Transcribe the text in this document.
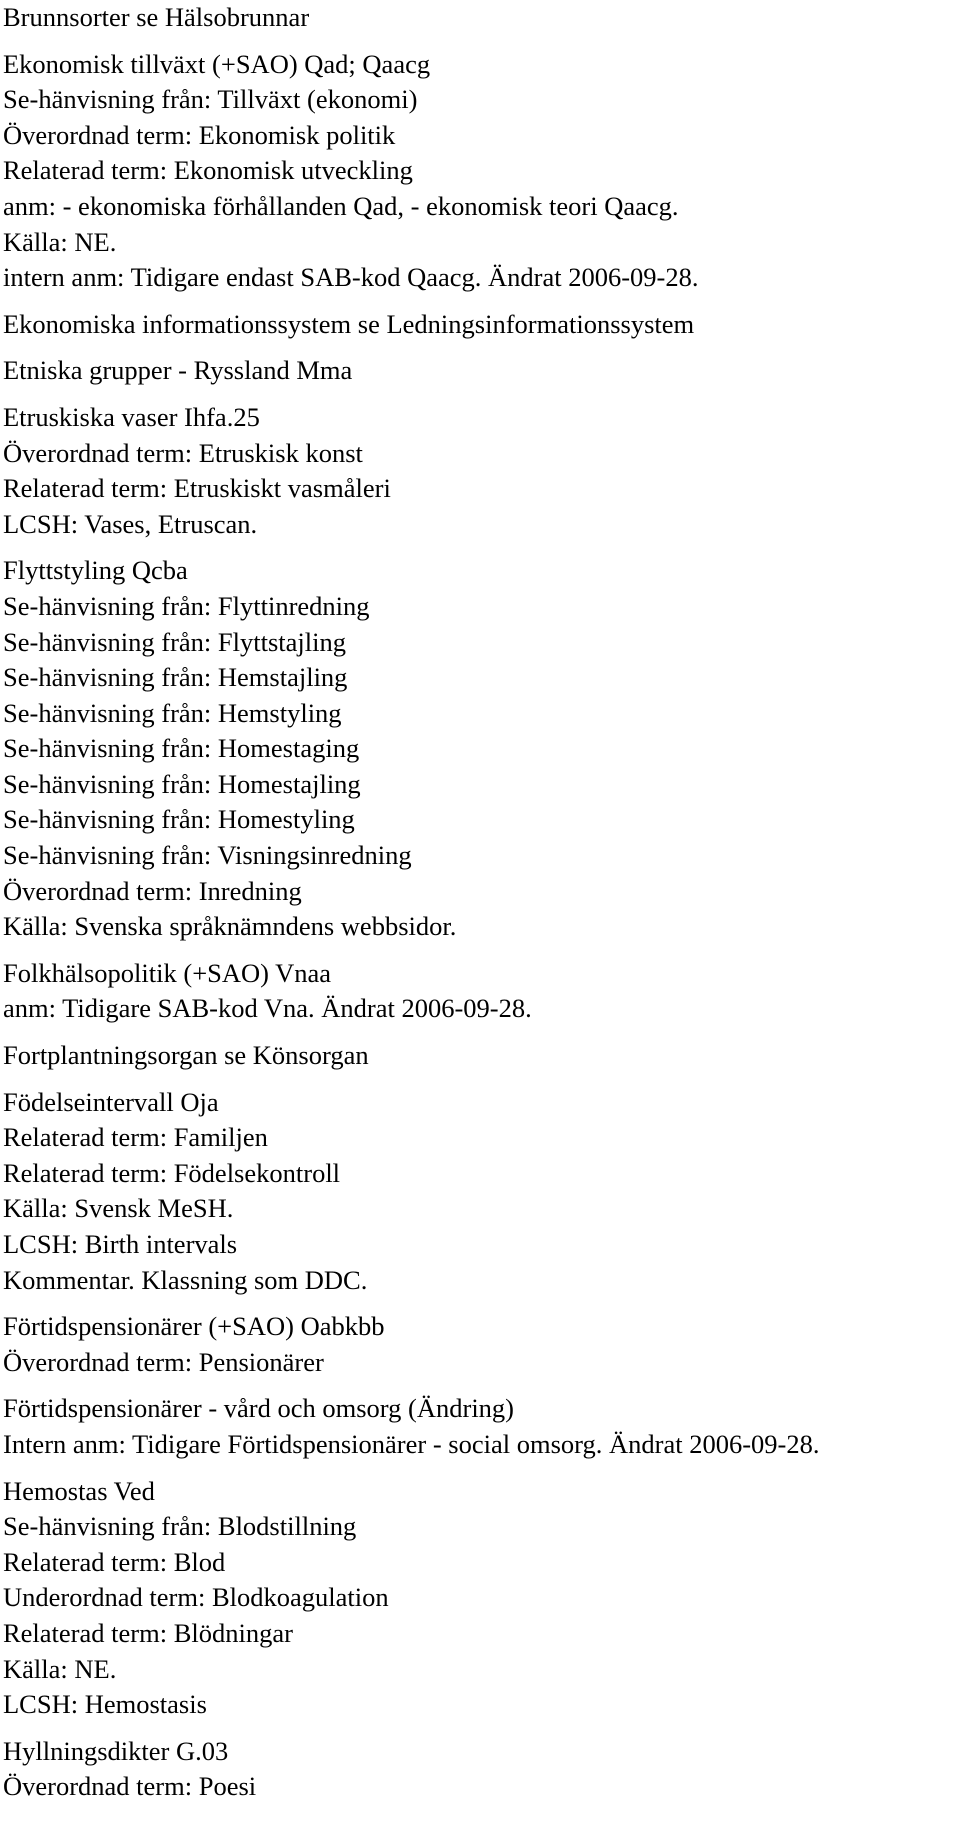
Brunnsorter se Hälsobrunnar
Ekonomisk tillväxt (+SAO) Qad; Qaacg
Se-hänvisning från: Tillväxt (ekonomi)
Överordnad term: Ekonomisk politik
Relaterad term: Ekonomisk utveckling
anm: - ekonomiska förhållanden Qad, - ekonomisk teori Qaacg.
Källa: NE.
intern anm: Tidigare endast SAB-kod Qaacg. Ändrat 2006-09-28.
Ekonomiska informationssystem se Ledningsinformationssystem
Etniska grupper - Ryssland Mma
Etruskiska vaser Ihfa.25
Överordnad term: Etruskisk konst
Relaterad term: Etruskiskt vasmåleri
LCSH: Vases, Etruscan.
Flyttstyling Qcba
Se-hänvisning från: Flyttinredning
Se-hänvisning från: Flyttstajling
Se-hänvisning från: Hemstajling
Se-hänvisning från: Hemstyling
Se-hänvisning från: Homestaging
Se-hänvisning från: Homestajling
Se-hänvisning från: Homestyling
Se-hänvisning från: Visningsinredning
Överordnad term: Inredning
Källa: Svenska språknämndens webbsidor.
Folkhälsopolitik (+SAO) Vnaa
anm: Tidigare SAB-kod Vna. Ändrat 2006-09-28.
Fortplantningsorgan se Könsorgan
Födelseintervall Oja
Relaterad term: Familjen
Relaterad term: Födelsekontroll
Källa: Svensk MeSH.
LCSH: Birth intervals
Kommentar. Klassning som DDC.
Förtidspensionärer (+SAO) Oabkbb
Överordnad term: Pensionärer
Förtidspensionärer - vård och omsorg (Ändring)
Intern anm: Tidigare Förtidspensionärer - social omsorg. Ändrat 2006-09-28.
Hemostas Ved
Se-hänvisning från: Blodstillning
Relaterad term: Blod
Underordnad term: Blodkoagulation
Relaterad term: Blödningar
Källa: NE.
LCSH: Hemostasis
Hyllningsdikter G.03
Överordnad term: Poesi
